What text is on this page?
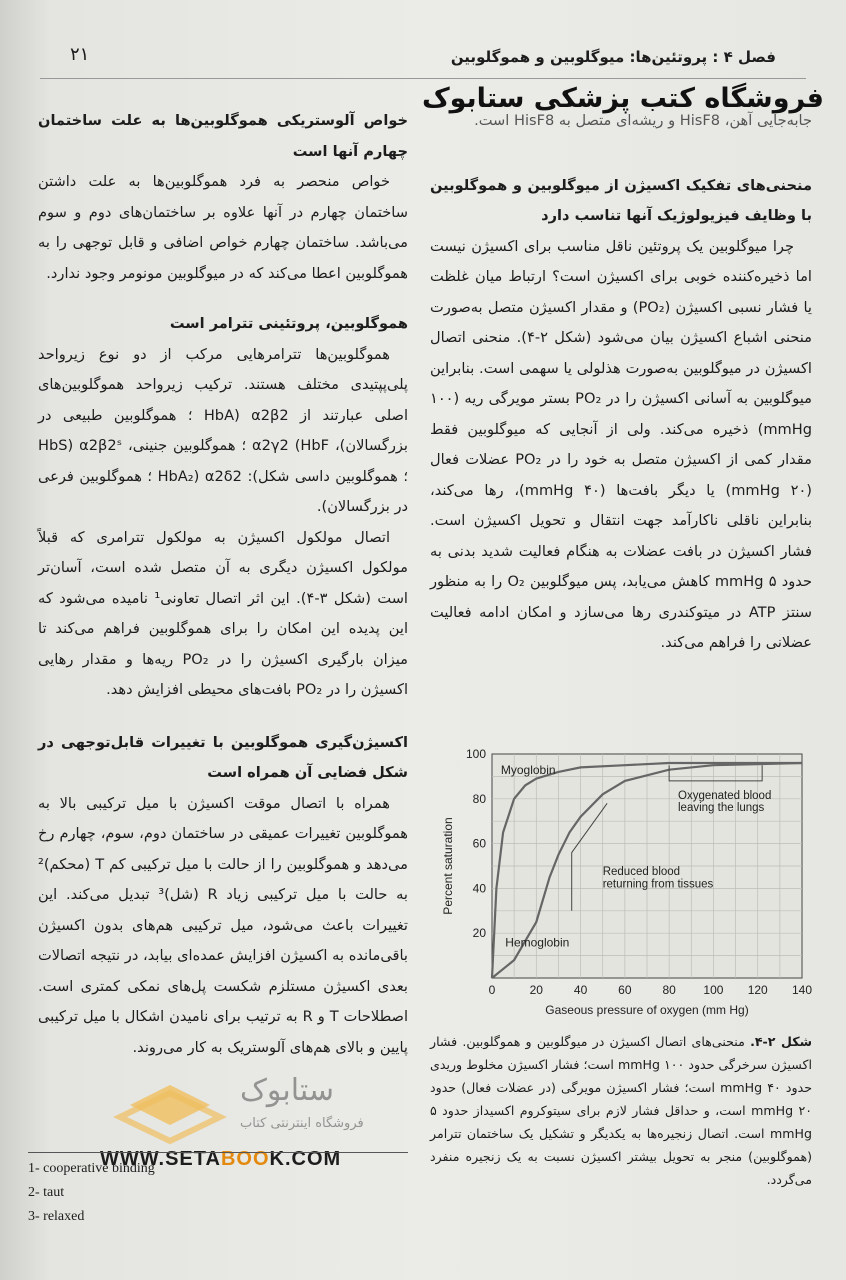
فصل ۴ : پروتئین‌ها: میوگلوبین و هموگلوبین
۲۱
فروشگاه کتب پزشکی ستابوک

جابه‌جایی آهن، HisF8 و ریشه‌ای متصل به HisF8 است.

منحنی‌های تفکیک اکسیژن از میوگلوبین و هموگلوبین با وظایف فیزیولوژیک آنها تناسب دارد

چرا میوگلوبین یک پروتئین ناقل مناسب برای اکسیژن نیست اما ذخیره‌کننده خوبی برای اکسیژن است؟ ارتباط میان غلظت یا فشار نسبی اکسیژن (PO₂) و مقدار اکسیژن متصل به‌صورت منحنی اشباع اکسیژن بیان می‌شود (شکل ۲-۴). منحنی اتصال اکسیژن در میوگلوبین به‌صورت هذلولی یا سهمی است. بنابراین میوگلوبین به آسانی اکسیژن را در PO₂ بستر مویرگی ریه (۱۰۰ mmHg) ذخیره می‌کند. ولی از آنجایی که میوگلوبین فقط مقدار کمی از اکسیژن متصل به خود را در PO₂ عضلات فعال (۲۰ mmHg) یا دیگر بافت‌ها (۴۰ mmHg)، رها می‌کند، بنابراین ناقلی ناکارآمد جهت انتقال و تحویل اکسیژن است. فشار اکسیژن در بافت عضلات به هنگام فعالیت شدید بدنی به حدود ۵ mmHg کاهش می‌یابد، پس میوگلوبین O₂ را به منظور سنتز ATP در میتوکندری رها می‌سازد و امکان ادامه فعالیت عضلانی را فراهم می‌کند.

خواص آلوستریکی هموگلوبین‌ها به علت ساختمان چهارم آنها است

خواص منحصر به فرد هموگلوبین‌ها به علت داشتن ساختمان چهارم در آنها علاوه بر ساختمان‌های دوم و سوم می‌باشد. ساختمان چهارم خواص اضافی و قابل توجهی را به هموگلوبین اعطا می‌کند که در میوگلوبین مونومر وجود ندارد.

هموگلوبین، پروتئینی تترامر است

هموگلوبین‌ها تترامرهایی مرکب از دو نوع زیرواحد پلی‌پپتیدی مختلف هستند. ترکیب زیرواحد هموگلوبین‌های اصلی عبارتند از α2β2 (HbA ؛ هموگلوبین طبیعی در بزرگسالان)، α2γ2 (HbF ؛ هموگلوبین جنینی، α2β2ˢ (HbS ؛ هموگلوبین داسی شکل): α2δ2 (HbA₂ ؛ هموگلوبین فرعی در بزرگسالان).

اتصال مولکول اکسیژن به مولکول تترامری که قبلاً مولکول اکسیژن دیگری به آن متصل شده است، آسان‌تر است (شکل ۳-۴). این اثر اتصال تعاونی¹ نامیده می‌شود که این پدیده این امکان را برای هموگلوبین فراهم می‌کند تا میزان بارگیری اکسیژن را در PO₂ ریه‌ها و مقدار رهایی اکسیژن را در PO₂ بافت‌های محیطی افزایش دهد.

اکسیژن‌گیری هموگلوبین با تغییرات قابل‌توجهی در شکل فضایی آن همراه است

همراه با اتصال موقت اکسیژن با میل ترکیبی بالا به هموگلوبین تغییرات عمیقی در ساختمان دوم، سوم، چهارم رخ می‌دهد و هموگلوبین را از حالت با میل ترکیبی کم T (محکم)² به حالت با میل ترکیبی زیاد R (شل)³ تبدیل می‌کند. این تغییرات باعث می‌شود، میل ترکیبی هم‌های بدون اکسیژن باقی‌مانده به اکسیژن افزایش عمده‌ای بیابد، در نتیجه اتصالات بعدی اکسیژن مستلزم شکست پل‌های نمکی کمتری است. اصطلاحات T و R به ترتیب برای نامیدن اشکال با میل ترکیبی پایین و بالای هم‌های آلوستریک به کار می‌روند.

0	20	40	60	80 100 120 140
20
40
60
80
100
Gaseous pressure of oxygen (mm Hg)
Percent saturation
Myoglobin
Hemoglobin
Oxygenated blood
leaving the lungs
Reduced blood
returning from tissues
شکل ۲-۴. منحنی‌های اتصال اکسیژن در میوگلوبین و هموگلوبین. فشار اکسیژن سرخرگی حدود ۱۰۰ mmHg است؛ فشار اکسیژن مخلوط وریدی حدود ۴۰ mmHg است؛ فشار اکسیژن مویرگی (در عضلات فعال) حدود ۲۰ mmHg است، و حداقل فشار لازم برای سیتوکروم اکسیداز حدود ۵ mmHg است. اتصال زنجیره‌ها به یکدیگر و تشکیل یک ساختمان تترامر (هموگلوبین) منجر به تحویل بیشتر اکسیژن نسبت به یک زنجیره منفرد می‌گردد.
ستابوک
فروشگاه اینترنتی کتاب
WWW.SETABOOK.COM
1- cooperative binding
2- taut
3- relaxed
